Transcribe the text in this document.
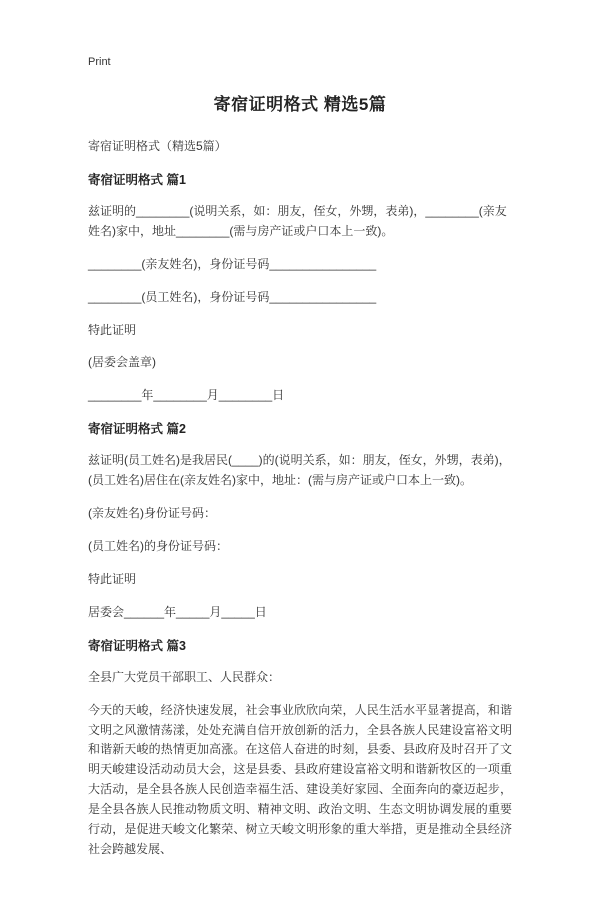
Print
寄宿证明格式 精选5篇

寄宿证明格式（精选5篇）

寄宿证明格式 篇1

兹证明的________(说明关系，如：朋友，侄女，外甥，表弟)，________(亲友姓名)家中，地址________(需与房产证或户口本上一致)。

________(亲友姓名)，身份证号码________________

________(员工姓名)，身份证号码________________

特此证明

(居委会盖章)

________年________月________日

寄宿证明格式 篇2

兹证明(员工姓名)是我居民(____)的(说明关系，如：朋友，侄女，外甥，表弟)，(员工姓名)居住在(亲友姓名)家中，地址：(需与房产证或户口本上一致)。

(亲友姓名)身份证号码：

(员工姓名)的身份证号码：

特此证明

居委会______年_____月_____日

寄宿证明格式 篇3

全县广大党员干部职工、人民群众：

今天的天峻，经济快速发展，社会事业欣欣向荣，人民生活水平显著提高，和谐文明之风激情荡漾，处处充满自信开放创新的活力，全县各族人民建设富裕文明和谐新天峻的热情更加高涨。在这倍人奋进的时刻，县委、县政府及时召开了文明天峻建设活动动员大会，这是县委、县政府建设富裕文明和谐新牧区的一项重大活动，是全县各族人民创造幸福生活、建设美好家园、全面奔向的豪迈起步，是全县各族人民推动物质文明、精神文明、政治文明、生态文明协调发展的重要行动，是促进天峻文化繁荣、树立天峻文明形象的重大举措，更是推动全县经济社会跨越发展、
